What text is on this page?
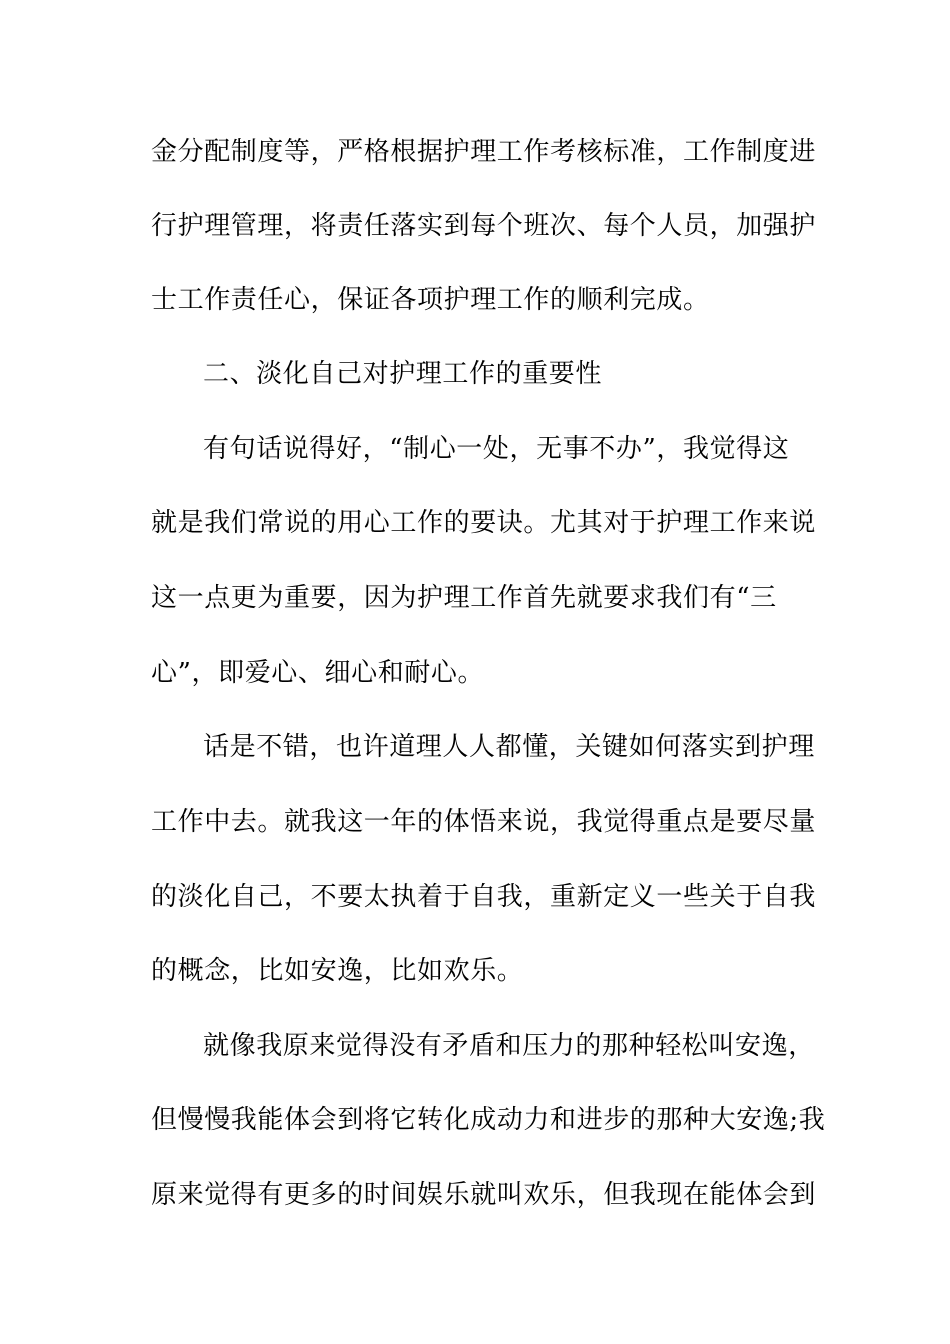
金分配制度等，严格根据护理工作考核标准，工作制度进
行护理管理，将责任落实到每个班次、每个人员，加强护
士工作责任心，保证各项护理工作的顺利完成。
二、淡化自己对护理工作的重要性
有句话说得好，“制心一处，无事不办”，我觉得这
就是我们常说的用心工作的要诀。尤其对于护理工作来说
这一点更为重要，因为护理工作首先就要求我们有“三
心”，即爱心、细心和耐心。
话是不错，也许道理人人都懂，关键如何落实到护理
工作中去。就我这一年的体悟来说，我觉得重点是要尽量
的淡化自己，不要太执着于自我，重新定义一些关于自我
的概念，比如安逸，比如欢乐。
就像我原来觉得没有矛盾和压力的那种轻松叫安逸，
但慢慢我能体会到将它转化成动力和进步的那种大安逸;我
原来觉得有更多的时间娱乐就叫欢乐，但我现在能体会到
